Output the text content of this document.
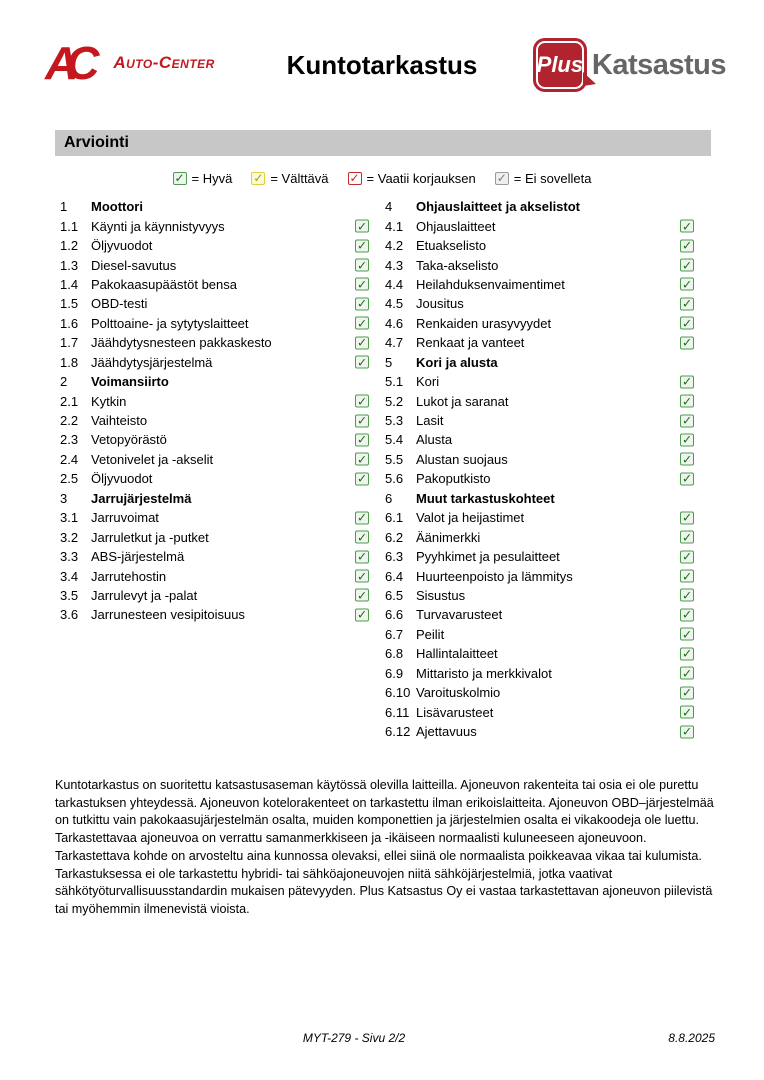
AC	Auto-Center	Kuntotarkastus	Plus Katsastus
Arviointi
✓ = Hyvä ✓ = Välttävä ✓ = Vaatii korjauksen ✓ = Ei sovelleta
1	Moottori
1.1 Käynti ja käynnistyvyys	✓
1.2 Öljyvuodot	✓
1.3 Diesel-savutus	✓
1.4 Pakokaasupäästöt bensa	✓
1.5 OBD-testi	✓
1.6 Polttoaine- ja sytytyslaitteet	✓
1.7 Jäähdytysnesteen pakkaskesto	✓
1.8 Jäähdytysjärjestelmä	✓
2	Voimansiirto
2.1 Kytkin	✓
2.2 Vaihteisto	✓
2.3 Vetopyörästö	✓
2.4 Vetonivelet ja -akselit	✓
2.5 Öljyvuodot	✓
3	Jarrujärjestelmä
3.1 Jarruvoimat	✓
3.2 Jarruletkut ja -putket	✓
3.3 ABS-järjestelmä	✓
3.4 Jarrutehostin	✓
3.5 Jarrulevyt ja -palat	✓
3.6 Jarrunesteen vesipitoisuus	✓
4	Ohjauslaitteet ja akselistot
4.1 Ohjauslaitteet	✓
4.2 Etuakselisto	✓
4.3 Taka-akselisto	✓
4.4 Heilahduksenvaimentimet	✓
4.5 Jousitus	✓
4.6 Renkaiden urasyvyydet	✓
4.7 Renkaat ja vanteet	✓
5	Kori ja alusta
5.1 Kori	✓
5.2 Lukot ja saranat	✓
5.3 Lasit	✓
5.4 Alusta	✓
5.5 Alustan suojaus	✓
5.6 Pakoputkisto	✓
6	Muut tarkastuskohteet
6.1 Valot ja heijastimet	✓
6.2 Äänimerkki	✓
6.3 Pyyhkimet ja pesulaitteet	✓
6.4 Huurteenpoisto ja lämmitys	✓
6.5 Sisustus	✓
6.6 Turvavarusteet	✓
6.7 Peilit	✓
6.8 Hallintalaitteet	✓
6.9 Mittaristo ja merkkivalot	✓
6.10 Varoituskolmio	✓
6.11 Lisävarusteet	✓
6.12 Ajettavuus	✓
Kuntotarkastus on suoritettu katsastusaseman käytössä olevilla laitteilla. Ajoneuvon rakenteita tai osia ei ole purettu tarkastuksen yhteydessä. Ajoneuvon kotelorakenteet on tarkastettu ilman erikoislaitteita. Ajoneuvon OBD–järjestelmää on tutkittu vain pakokaasujärjestelmän osalta, muiden komponettien ja järjestelmien osalta ei vikakoodeja ole luettu. Tarkastettavaa ajoneuvoa on verrattu samanmerkkiseen ja -ikäiseen normaalisti kuluneeseen ajoneuvoon. Tarkastettava kohde on arvosteltu aina kunnossa olevaksi, ellei siinä ole normaalista poikkeavaa vikaa tai kulumista. Tarkastuksessa ei ole tarkastettu hybridi- tai sähköajoneuvojen niitä sähköjärjestelmiä, jotka vaativat sähkötyöturvallisuusstandardin mukaisen pätevyyden. Plus Katsastus Oy ei vastaa tarkastettavan ajoneuvon piilevistä tai myöhemmin ilmenevistä vioista.
MYT-279 - Sivu 2/2	8.8.2025
